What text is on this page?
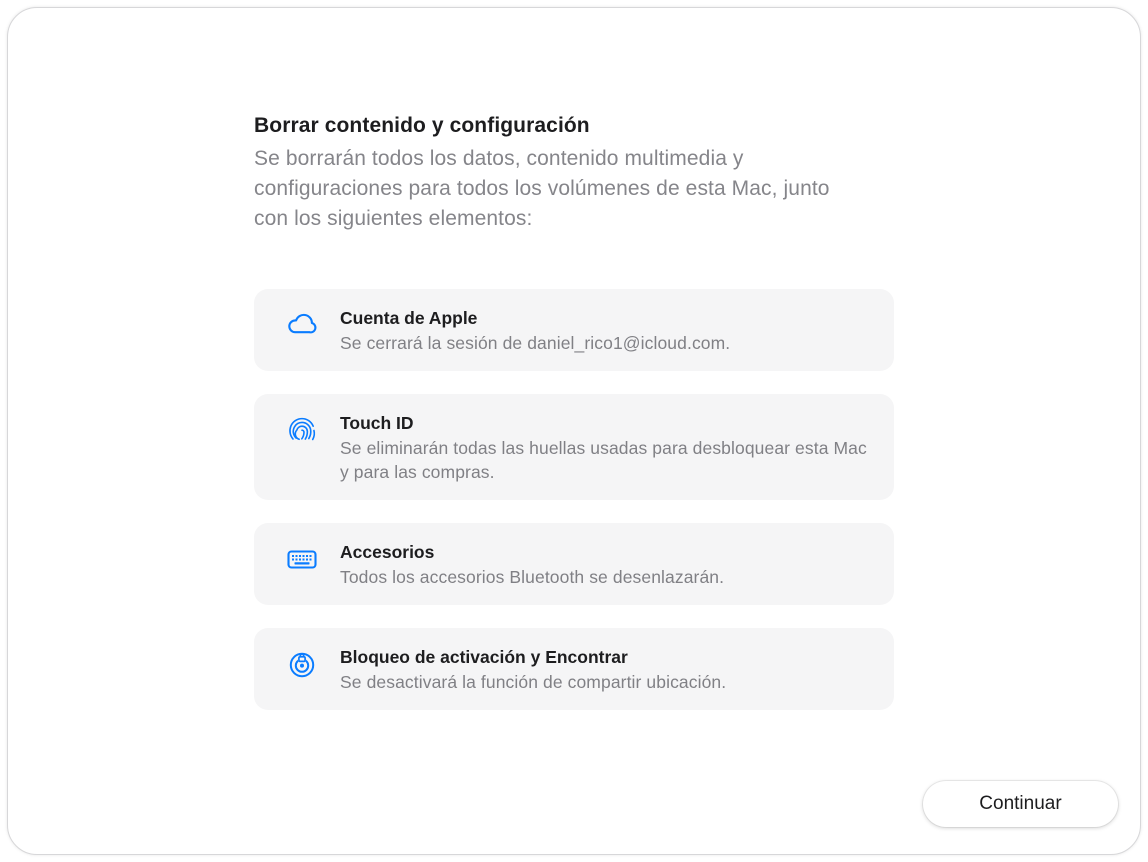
Borrar contenido y configuración
Se borrarán todos los datos, contenido multimedia y configuraciones para todos los volúmenes de esta Mac, junto con los siguientes elementos:
Cuenta de Apple
Se cerrará la sesión de daniel_rico1@icloud.com.
Touch ID
Se eliminarán todas las huellas usadas para desbloquear esta Mac y para las compras.
Accesorios
Todos los accesorios Bluetooth se desenlazarán.
Bloqueo de activación y Encontrar
Se desactivará la función de compartir ubicación.
Continuar
